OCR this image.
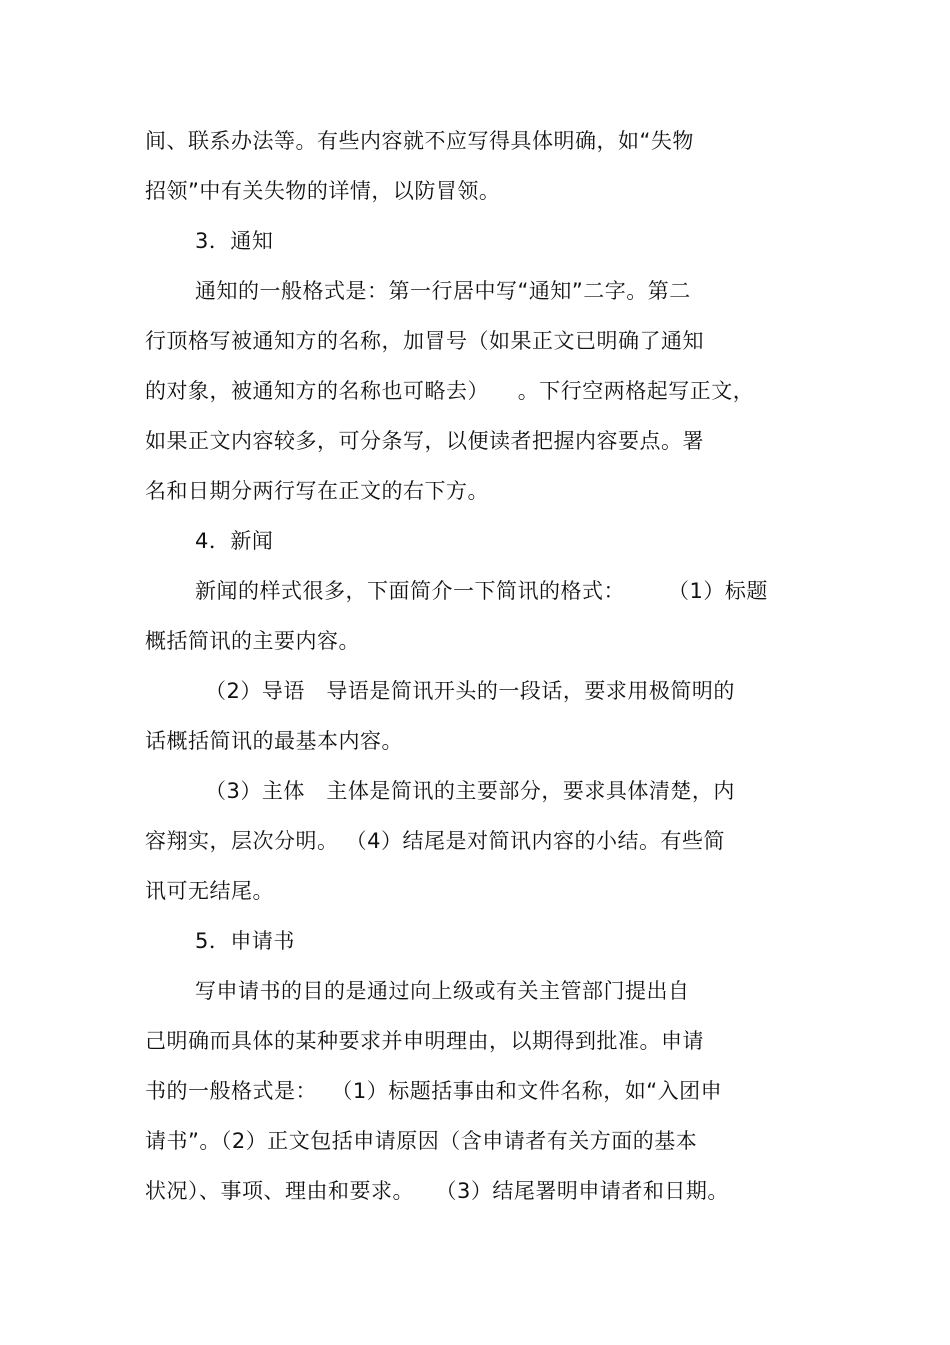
间、联系办法等。有些内容就不应写得具体明确，如“失物
招领”中有关失物的详情，以防冒领。
3．通知
通知的一般格式是：第一行居中写“通知”二字。第二
行顶格写被通知方的名称，加冒号（如果正文已明确了通知
的对象，被通知方的名称也可略去）    。下行空两格起写正文，
如果正文内容较多，可分条写，以便读者把握内容要点。署
名和日期分两行写在正文的右下方。
4．新闻
新闻的样式很多，下面简介一下简讯的格式：      （1）标题
概括简讯的主要内容。
（2）导语   导语是简讯开头的一段话，要求用极简明的
话概括简讯的最基本内容。
（3）主体   主体是简讯的主要部分，要求具体清楚，内
容翔实，层次分明。 （4）结尾是对简讯内容的小结。有些简
讯可无结尾。
5．申请书
写申请书的目的是通过向上级或有关主管部门提出自
己明确而具体的某种要求并申明理由，以期得到批准。申请
书的一般格式是：  （1）标题括事由和文件名称，如“入团申
请书”。（2）正文包括申请原因（含申请者有关方面的基本
状况）、事项、理由和要求。   （3）结尾署明申请者和日期。
